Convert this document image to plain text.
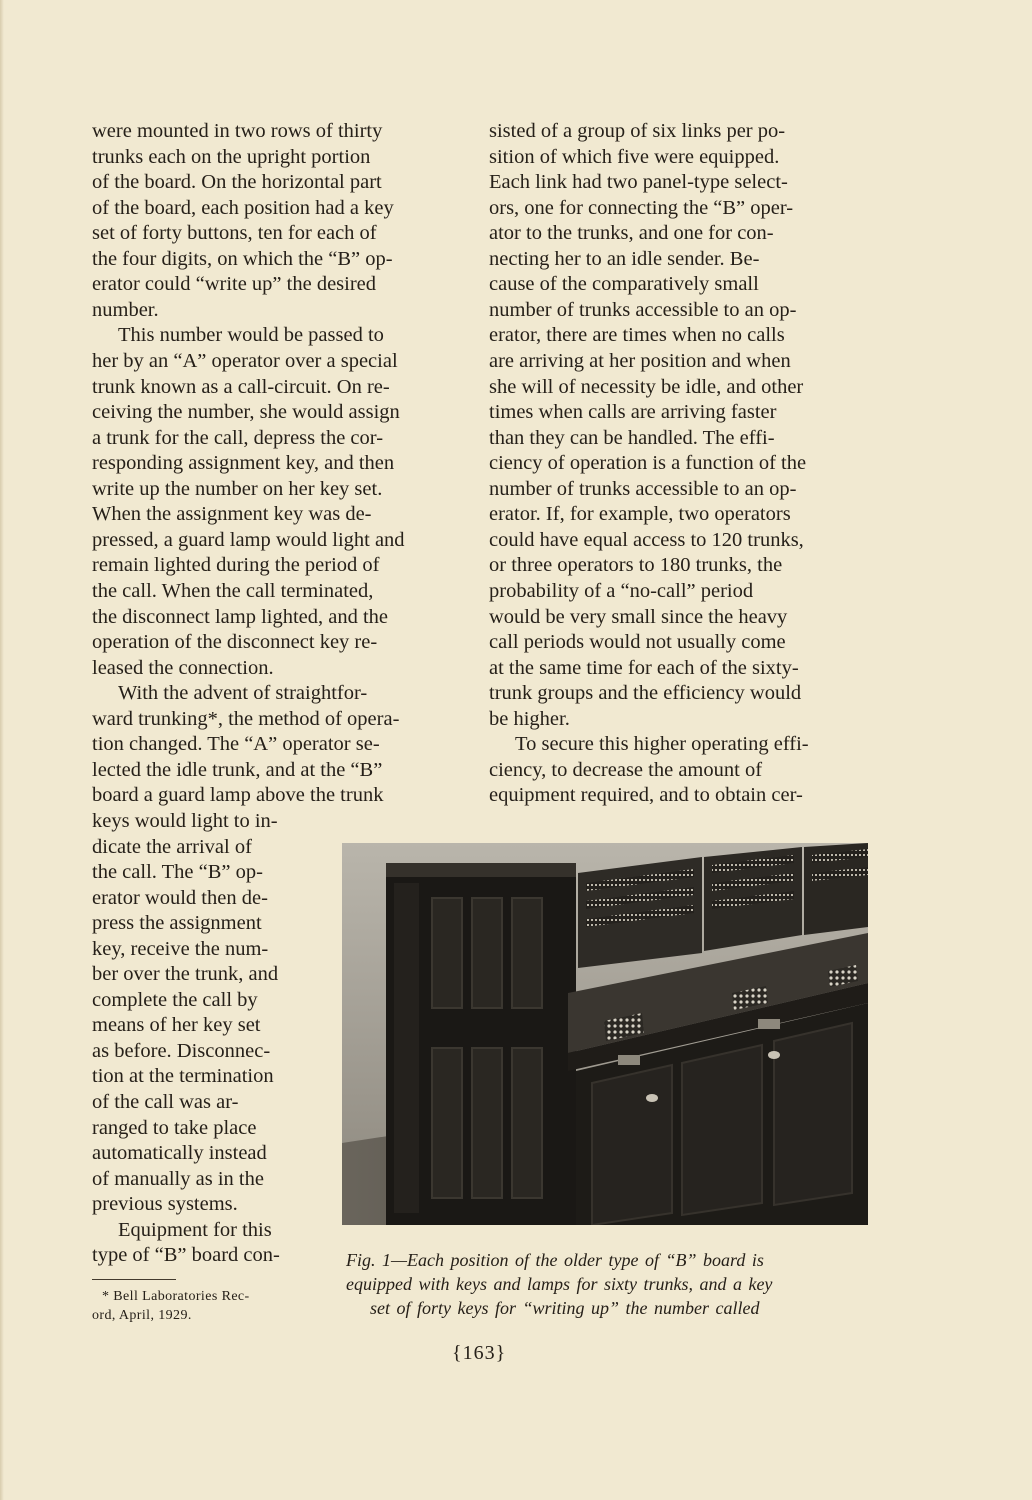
were mounted in two rows of thirty

trunks each on the upright portion

of the board. On the horizontal part

of the board, each position had a key

set of forty buttons, ten for each of

the four digits, on which the “B” op-

erator could “write up” the desired

number.

This number would be passed to

her by an “A” operator over a special

trunk known as a call-circuit. On re-

ceiving the number, she would assign

a trunk for the call, depress the cor-

responding assignment key, and then

write up the number on her key set.

When the assignment key was de-

pressed, a guard lamp would light and

remain lighted during the period of

the call. When the call terminated,

the disconnect lamp lighted, and the

operation of the disconnect key re-

leased the connection.

With the advent of straightfor-

ward trunking*, the method of opera-

tion changed. The “A” operator se-

lected the idle trunk, and at the “B”

board a guard lamp above the trunk

keys would light to in-

dicate the arrival of

the call. The “B” op-

erator would then de-

press the assignment

key, receive the num-

ber over the trunk, and

complete the call by

means of her key set

as before. Disconnec-

tion at the termination

of the call was ar-

ranged to take place

automatically instead

of manually as in the

previous systems.

Equipment for this

type of “B” board con-

sisted of a group of six links per po-

sition of which five were equipped.

Each link had two panel-type select-

ors, one for connecting the “B” oper-

ator to the trunks, and one for con-

necting her to an idle sender. Be-

cause of the comparatively small

number of trunks accessible to an op-

erator, there are times when no calls

are arriving at her position and when

she will of necessity be idle, and other

times when calls are arriving faster

than they can be handled. The effi-

ciency of operation is a function of the

number of trunks accessible to an op-

erator. If, for example, two operators

could have equal access to 120 trunks,

or three operators to 180 trunks, the

probability of a “no-call” period

would be very small since the heavy

call periods would not usually come

at the same time for each of the sixty-

trunk groups and the efficiency would

be higher.

To secure this higher operating effi-

ciency, to decrease the amount of

equipment required, and to obtain cer-

Fig. 1—Each position of the older type of “B” board is

equipped with keys and lamps for sixty trunks, and a key

set of forty keys for “writing up” the number called

* Bell Laboratories Rec-

ord, April, 1929.

{163}
